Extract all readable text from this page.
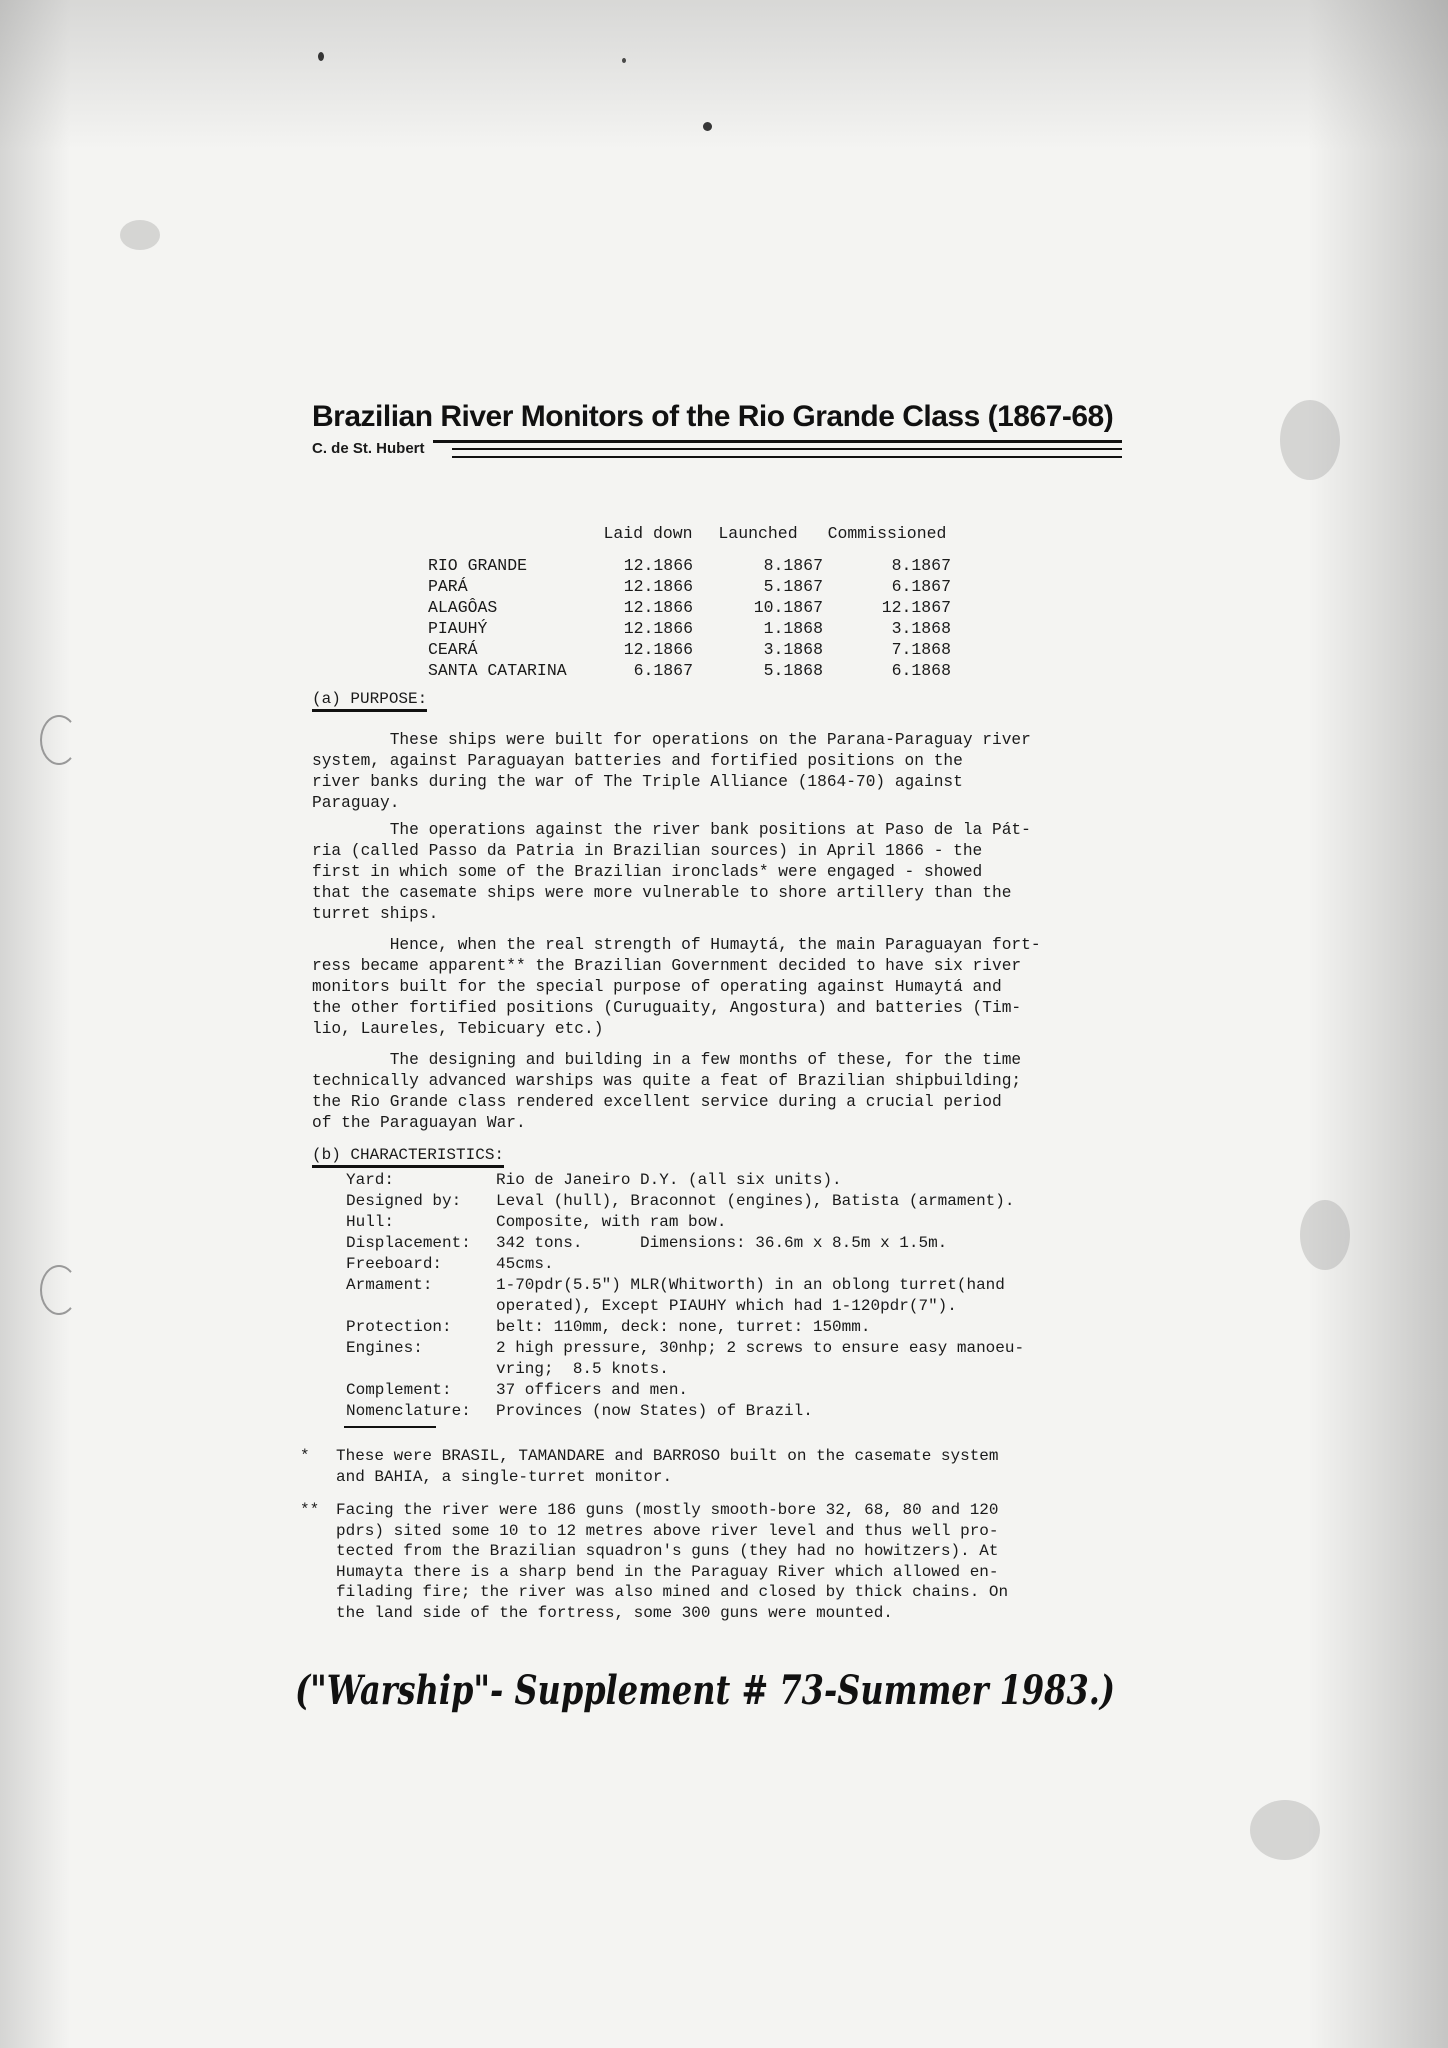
Brazilian River Monitors of the Rio Grande Class (1867-68)
C. de St. Hubert
	Laid down	Launched	Commissioned
RIO GRANDE	12.1866	8.1867	8.1867
PARÁ	12.1866	5.1867	6.1867
ALAGÔAS	12.1866	10.1867	12.1867
PIAUHÝ	12.1866	1.1868	3.1868
CEARÁ	12.1866	3.1868	7.1868
SANTA CATARINA	6.1867	5.1868	6.1868
(a) PURPOSE:
These ships were built for operations on the Parana-Paraguay river
system, against Paraguayan batteries and fortified positions on the
river banks during the war of The Triple Alliance (1864-70) against
Paraguay.
The operations against the river bank positions at Paso de la Pát-
ria (called Passo da Patria in Brazilian sources) in April 1866 - the
first in which some of the Brazilian ironclads* were engaged - showed
that the casemate ships were more vulnerable to shore artillery than the
turret ships.
Hence, when the real strength of Humaytá, the main Paraguayan fort-
ress became apparent** the Brazilian Government decided to have six river
monitors built for the special purpose of operating against Humaytá and
the other fortified positions (Curuguaity, Angostura) and batteries (Tim-
lio, Laureles, Tebicuary etc.)
The designing and building in a few months of these, for the time
technically advanced warships was quite a feat of Brazilian shipbuilding;
the Rio Grande class rendered excellent service during a crucial period
of the Paraguayan War.
(b) CHARACTERISTICS:
Yard:	Rio de Janeiro D.Y. (all six units).
Designed by:	Leval (hull), Braconnot (engines), Batista (armament).
Hull:	Composite, with ram bow.
Displacement:	342 tons.      Dimensions: 36.6m x 8.5m x 1.5m.
Freeboard:	45cms.
Armament:	1-70pdr(5.5") MLR(Whitworth) in an oblong turret(hand
operated), Except PIAUHY which had 1-120pdr(7").

Protection:	belt: 110mm, deck: none, turret: 150mm.
Engines:	2 high pressure, 30nhp; 2 screws to ensure easy manoeu-
vring;  8.5 knots.

Complement:	37 officers and men.
Nomenclature:	Provinces (now States) of Brazil.
* These were BRASIL, TAMANDARE and BARROSO built on the casemate system
and BAHIA, a single-turret monitor.
** Facing the river were 186 guns (mostly smooth-bore 32, 68, 80 and 120
pdrs) sited some 10 to 12 metres above river level and thus well pro-
tected from the Brazilian squadron's guns (they had no howitzers). At
Humayta there is a sharp bend in the Paraguay River which allowed en-
filading fire; the river was also mined and closed by thick chains. On
the land side of the fortress, some 300 guns were mounted.
("Warship"- Supplement # 73-Summer 1983.)
